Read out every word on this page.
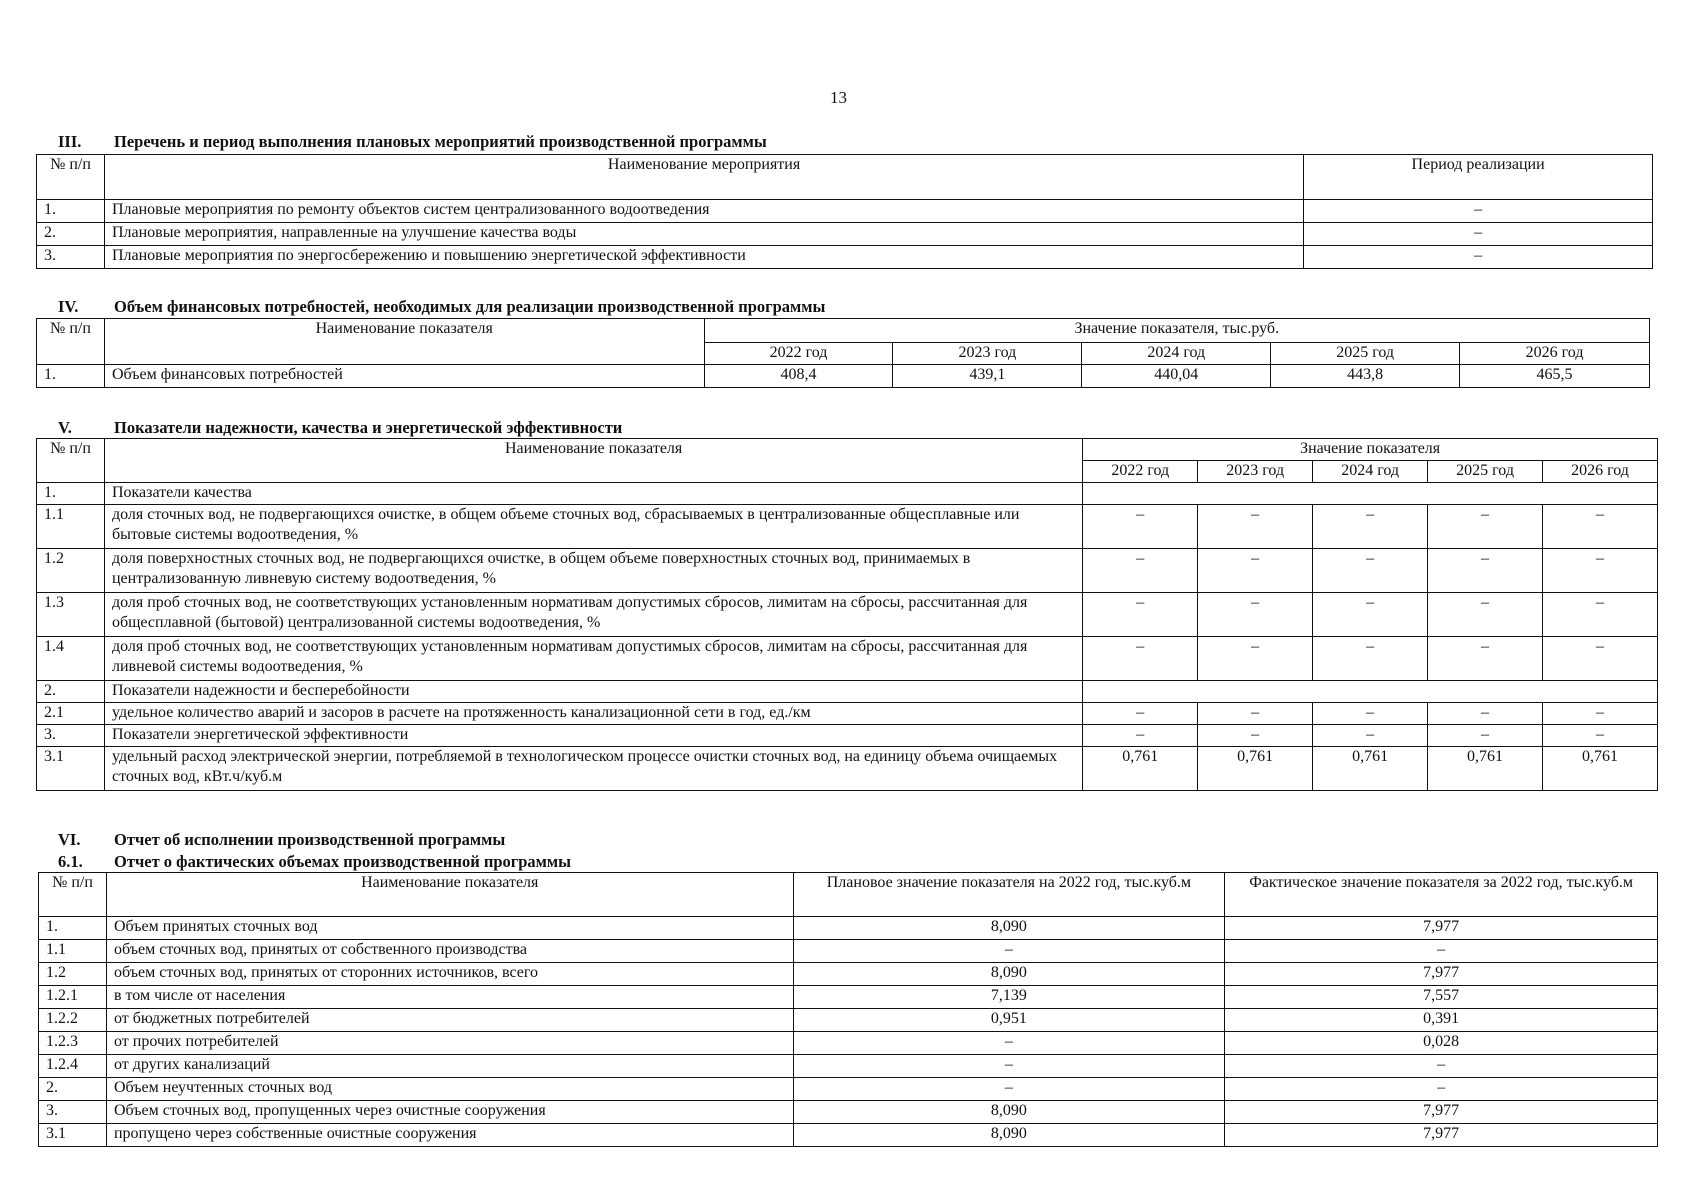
13
III. Перечень и период выполнения плановых мероприятий производственной программы
№ п/п	Наименование мероприятия	Период реализации
1.	Плановые мероприятия по ремонту объектов систем централизованного водоотведения	–
2.	Плановые мероприятия, направленные на улучшение качества воды	–
3.	Плановые мероприятия по энергосбережению и повышению энергетической эффективности	–
IV. Объем финансовых потребностей, необходимых для реализации производственной программы
№ п/п	Наименование показателя	Значение показателя, тыс.руб.				
		2022 год	2023 год	2024 год	2025 год	2026 год
1.	Объем финансовых потребностей	408,4	439,1	440,04	443,8	465,5
V.	Показатели надежности, качества и энергетической эффективности
№ п/п	Наименование показателя	Значение показателя				
		2022 год	2023 год	2024 год	2025 год	2026 год
1.	Показатели качества					
1.1	доля сточных вод, не подвергающихся очистке, в общем объеме сточных вод, сбрасываемых в централизованные общесплавные или бытовые системы водоотведения, %	–	–	–	–	–
1.2	доля поверхностных сточных вод, не подвергающихся очистке, в общем объеме поверхностных сточных вод, принимаемых в централизованную ливневую систему водоотведения, %	–	–	–	–	–
1.3	доля проб сточных вод, не соответствующих установленным нормативам допустимых сбросов, лимитам на сбросы, рассчитанная для общесплавной (бытовой) централизованной системы водоотведения, %	–	–	–	–	–
1.4	доля проб сточных вод, не соответствующих установленным нормативам допустимых сбросов, лимитам на сбросы, рассчитанная для ливневой системы водоотведения, %	–	–	–	–	–
2.	Показатели надежности и бесперебойности					
2.1	удельное количество аварий и засоров в расчете на протяженность канализационной сети в год, ед./км	–	–	–	–	–
3.	Показатели энергетической эффективности	–	–	–	–	–
3.1	удельный расход электрической энергии, потребляемой в технологическом процессе очистки сточных вод, на единицу объема очищаемых сточных вод, кВт.ч/куб.м	0,761	0,761	0,761	0,761	0,761
VI. Отчет об исполнении производственной программы
6.1. Отчет о фактических объемах производственной программы
№ п/п	Наименование показателя	Плановое значение показателя на 2022 год, тыс.куб.м	Фактическое значение показателя за 2022 год, тыс.куб.м
1.	Объем принятых сточных вод	8,090	7,977
1.1	объем сточных вод, принятых от собственного производства	–	–
1.2	объем сточных вод, принятых от сторонних источников, всего	8,090	7,977
1.2.1	в том числе от населения	7,139	7,557
1.2.2	от бюджетных потребителей	0,951	0,391
1.2.3	от прочих потребителей	–	0,028
1.2.4	от других канализаций	–	–
2.	Объем неучтенных сточных вод	–	–
3.	Объем сточных вод, пропущенных через очистные сооружения	8,090	7,977
3.1	пропущено через собственные очистные сооружения	8,090	7,977
